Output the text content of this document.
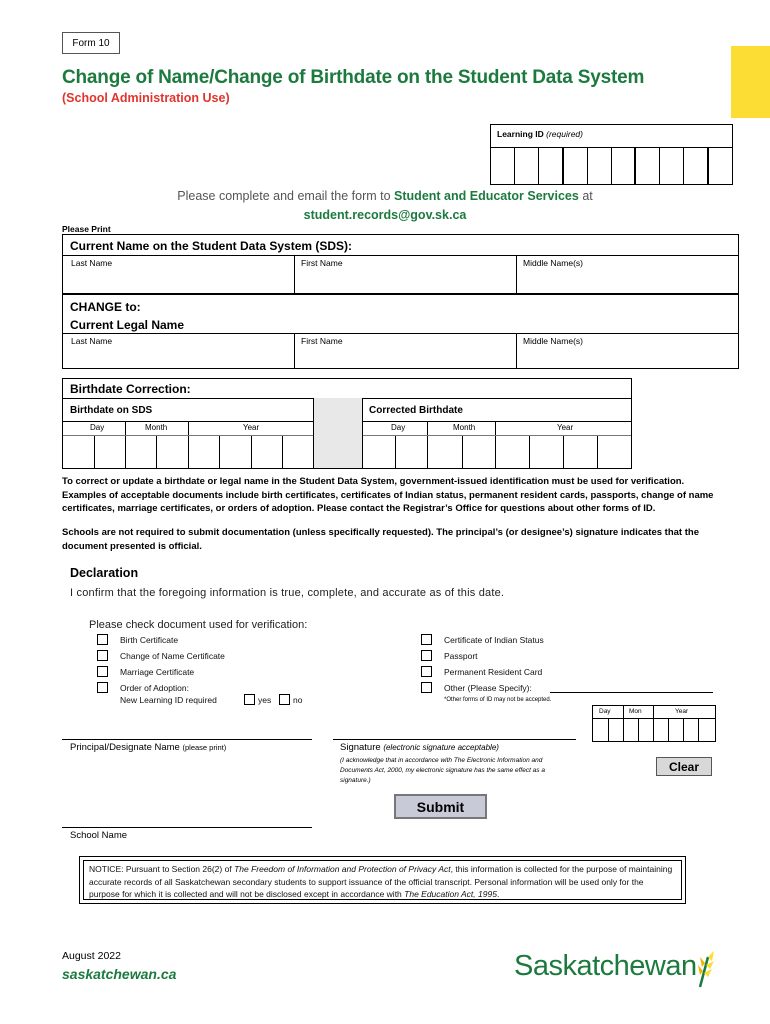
Form 10
Change of Name/Change of Birthdate on the Student Data System
(School Administration Use)
Learning ID (required)
Please complete and email the form to Student and Educator Services at
student.records@gov.sk.ca
Please Print
Current Name on the Student Data System (SDS):
Last Name	First Name	Middle Name(s)
CHANGE to:
Current Legal Name
Last Name	First Name	Middle Name(s)
Birthdate Correction:
Birthdate on SDS	Corrected Birthdate
Day	Month	Year	Day	Month	Year
To correct or update a birthdate or legal name in the Student Data System, government-issued identification must be used for verification. Examples of acceptable documents include birth certificates, certificates of Indian status, permanent resident cards, passports, change of name certificates, marriage certificates, or orders of adoption. Please contact the Registrar’s Office for questions about other forms of ID.
Schools are not required to submit documentation (unless specifically requested). The principal’s (or designee’s) signature indicates that the document presented is official.
Declaration
I confirm that the foregoing information is true, complete, and accurate as of this date.
Please check document used for verification:
Birth Certificate
Change of Name Certificate
Marriage Certificate
Order of Adoption:
New Learning ID required	yes	no
Certificate of Indian Status
Passport
Permanent Resident Card
Other (Please Specify):
*Other forms of ID may not be accepted.
Day	Mon	Year
Principal/Designate Name (please print)	Signature (electronic signature acceptable)
(I acknowledge that in accordance with The Electronic Information and Documents Act, 2000, my electronic signature has the same effect as a signature.)
Clear
Submit
School Name
NOTICE: Pursuant to Section 26(2) of The Freedom of Information and Protection of Privacy Act, this information is collected for the purpose of maintaining accurate records of all Saskatchewan secondary students to support issuance of the official transcript. Personal information will be used only for the purpose for which it is collected and will not be disclosed except in accordance with The Education Act, 1995.
August 2022
saskatchewan.ca	Saskatchewan
